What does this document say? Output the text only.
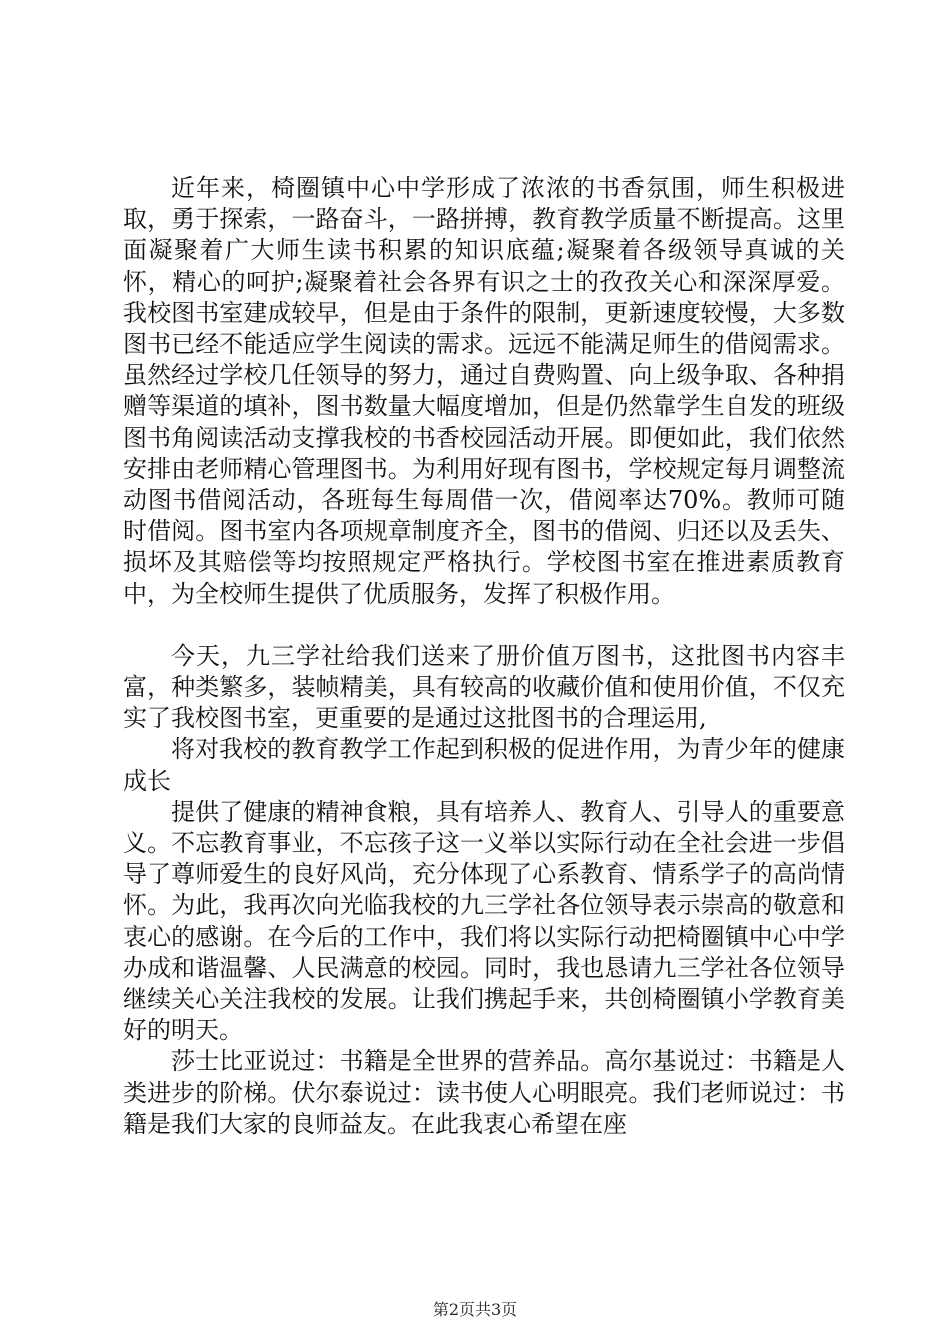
近年来，椅圈镇中心中学形成了浓浓的书香氛围，师生积极进取，勇于探索，一路奋斗，一路拼搏，教育教学质量不断提高。这里面凝聚着广大师生读书积累的知识底蕴;凝聚着各级领导真诚的关怀，精心的呵护;凝聚着社会各界有识之士的孜孜关心和深深厚爱。我校图书室建成较早，但是由于条件的限制，更新速度较慢，大多数图书已经不能适应学生阅读的需求。远远不能满足师生的借阅需求。虽然经过学校几任领导的努力，通过自费购置、向上级争取、各种捐赠等渠道的填补，图书数量大幅度增加，但是仍然靠学生自发的班级图书角阅读活动支撑我校的书香校园活动开展。即便如此，我们依然安排由老师精心管理图书。为利用好现有图书，学校规定每月调整流动图书借阅活动，各班每生每周借一次，借阅率达70%。教师可随时借阅。图书室内各项规章制度齐全，图书的借阅、归还以及丢失、损坏及其赔偿等均按照规定严格执行。学校图书室在推进素质教育中，为全校师生提供了优质服务，发挥了积极作用。

今天，九三学社给我们送来了册价值万图书，这批图书内容丰富，种类繁多，装帧精美，具有较高的收藏价值和使用价值，不仅充实了我校图书室，更重要的是通过这批图书的合理运用,

将对我校的教育教学工作起到积极的促进作用，为青少年的健康成长

提供了健康的精神食粮，具有培养人、教育人、引导人的重要意义。不忘教育事业，不忘孩子这一义举以实际行动在全社会进一步倡导了尊师爱生的良好风尚，充分体现了心系教育、情系学子的高尚情怀。为此，我再次向光临我校的九三学社各位领导表示崇高的敬意和衷心的感谢。在今后的工作中，我们将以实际行动把椅圈镇中心中学办成和谐温馨、人民满意的校园。同时，我也恳请九三学社各位领导继续关心关注我校的发展。让我们携起手来，共创椅圈镇小学教育美好的明天。

莎士比亚说过：书籍是全世界的营养品。高尔基说过：书籍是人类进步的阶梯。伏尔泰说过：读书使人心明眼亮。我们老师说过：书籍是我们大家的良师益友。在此我衷心希望在座

第2页共3页
